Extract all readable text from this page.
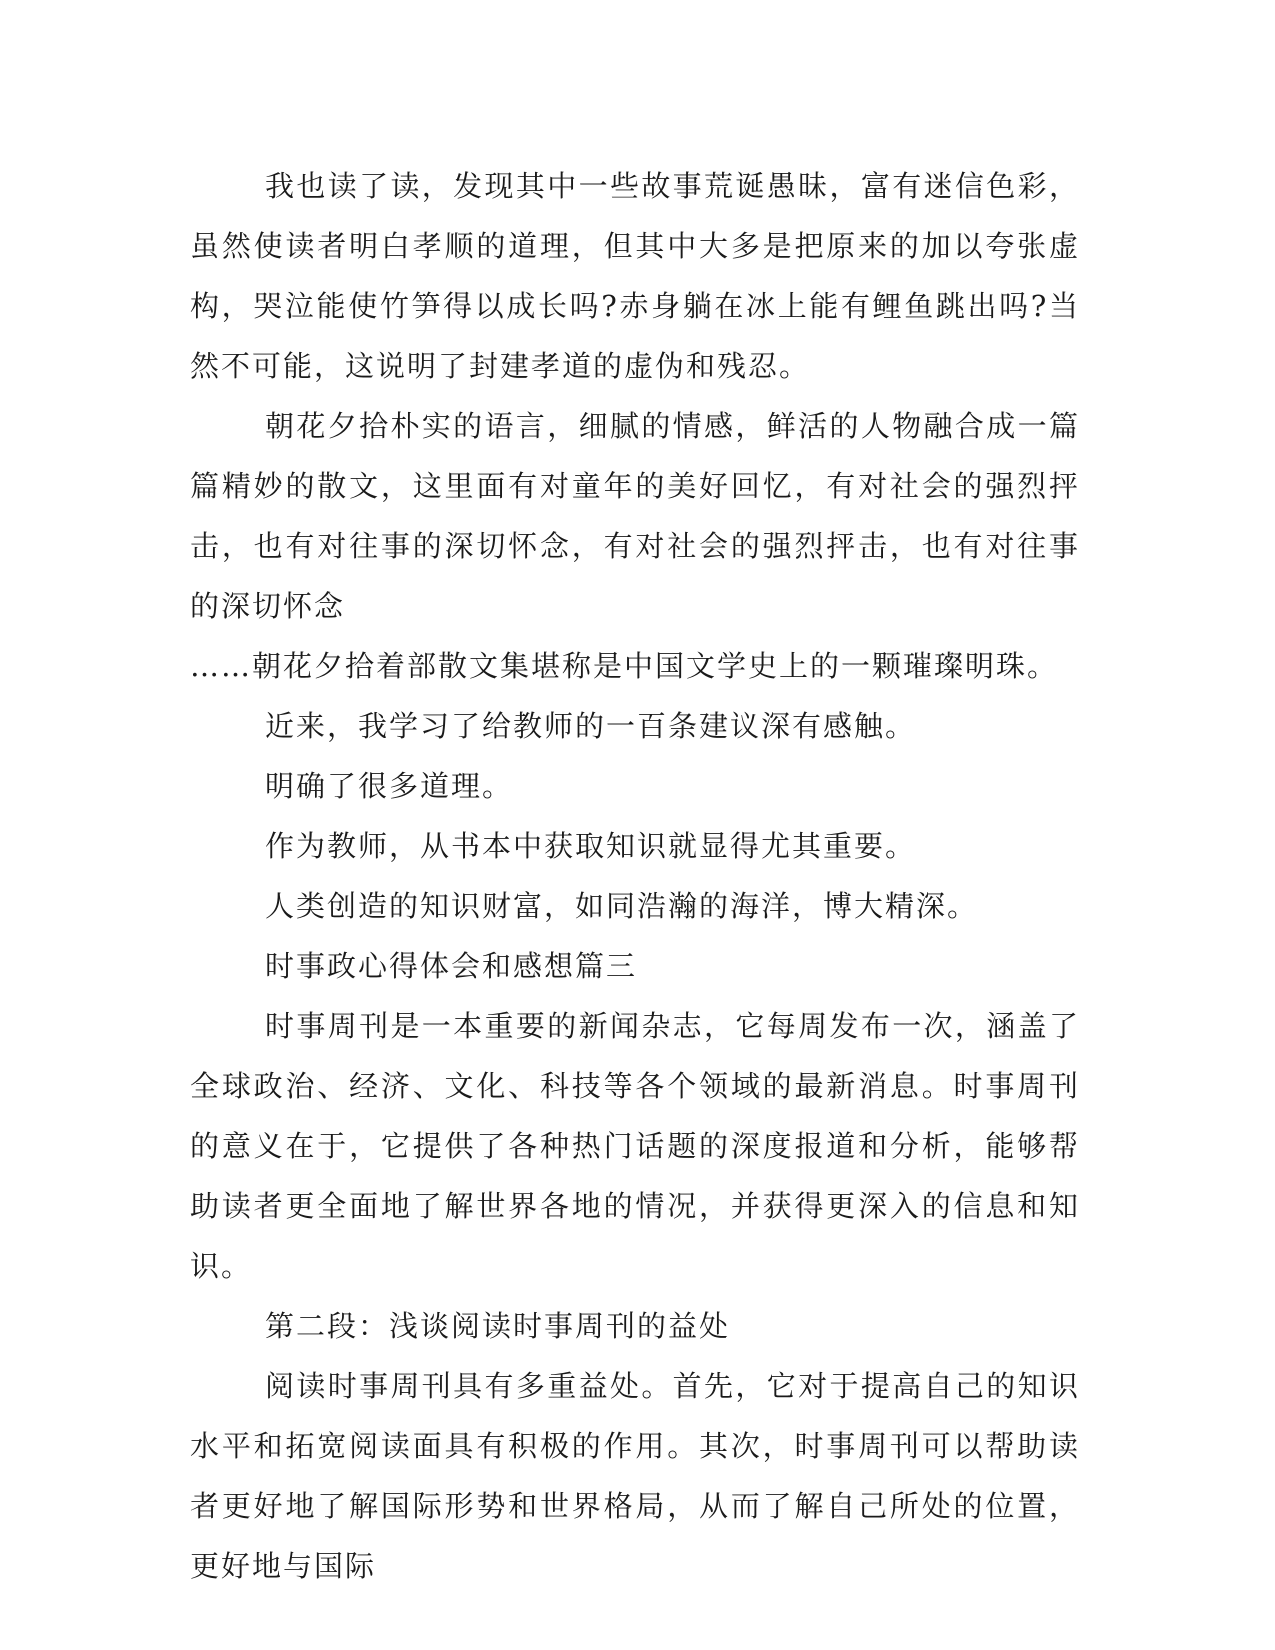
我也读了读，发现其中一些故事荒诞愚昧，富有迷信色彩，虽然使读者明白孝顺的道理，但其中大多是把原来的加以夸张虚构，哭泣能使竹笋得以成长吗?赤身躺在冰上能有鲤鱼跳出吗?当然不可能，这说明了封建孝道的虚伪和残忍。

朝花夕拾朴实的语言，细腻的情感，鲜活的人物融合成一篇篇精妙的散文，这里面有对童年的美好回忆，有对社会的强烈抨击，也有对往事的深切怀念，有对社会的强烈抨击，也有对往事的深切怀念

……朝花夕拾着部散文集堪称是中国文学史上的一颗璀璨明珠。

近来，我学习了给教师的一百条建议深有感触。

明确了很多道理。

作为教师，从书本中获取知识就显得尤其重要。

人类创造的知识财富，如同浩瀚的海洋，博大精深。

时事政心得体会和感想篇三

时事周刊是一本重要的新闻杂志，它每周发布一次，涵盖了全球政治、经济、文化、科技等各个领域的最新消息。时事周刊的意义在于，它提供了各种热门话题的深度报道和分析，能够帮助读者更全面地了解世界各地的情况，并获得更深入的信息和知识。

第二段：浅谈阅读时事周刊的益处

阅读时事周刊具有多重益处。首先，它对于提高自己的知识水平和拓宽阅读面具有积极的作用。其次，时事周刊可以帮助读者更好地了解国际形势和世界格局，从而了解自己所处的位置，更好地与国际
